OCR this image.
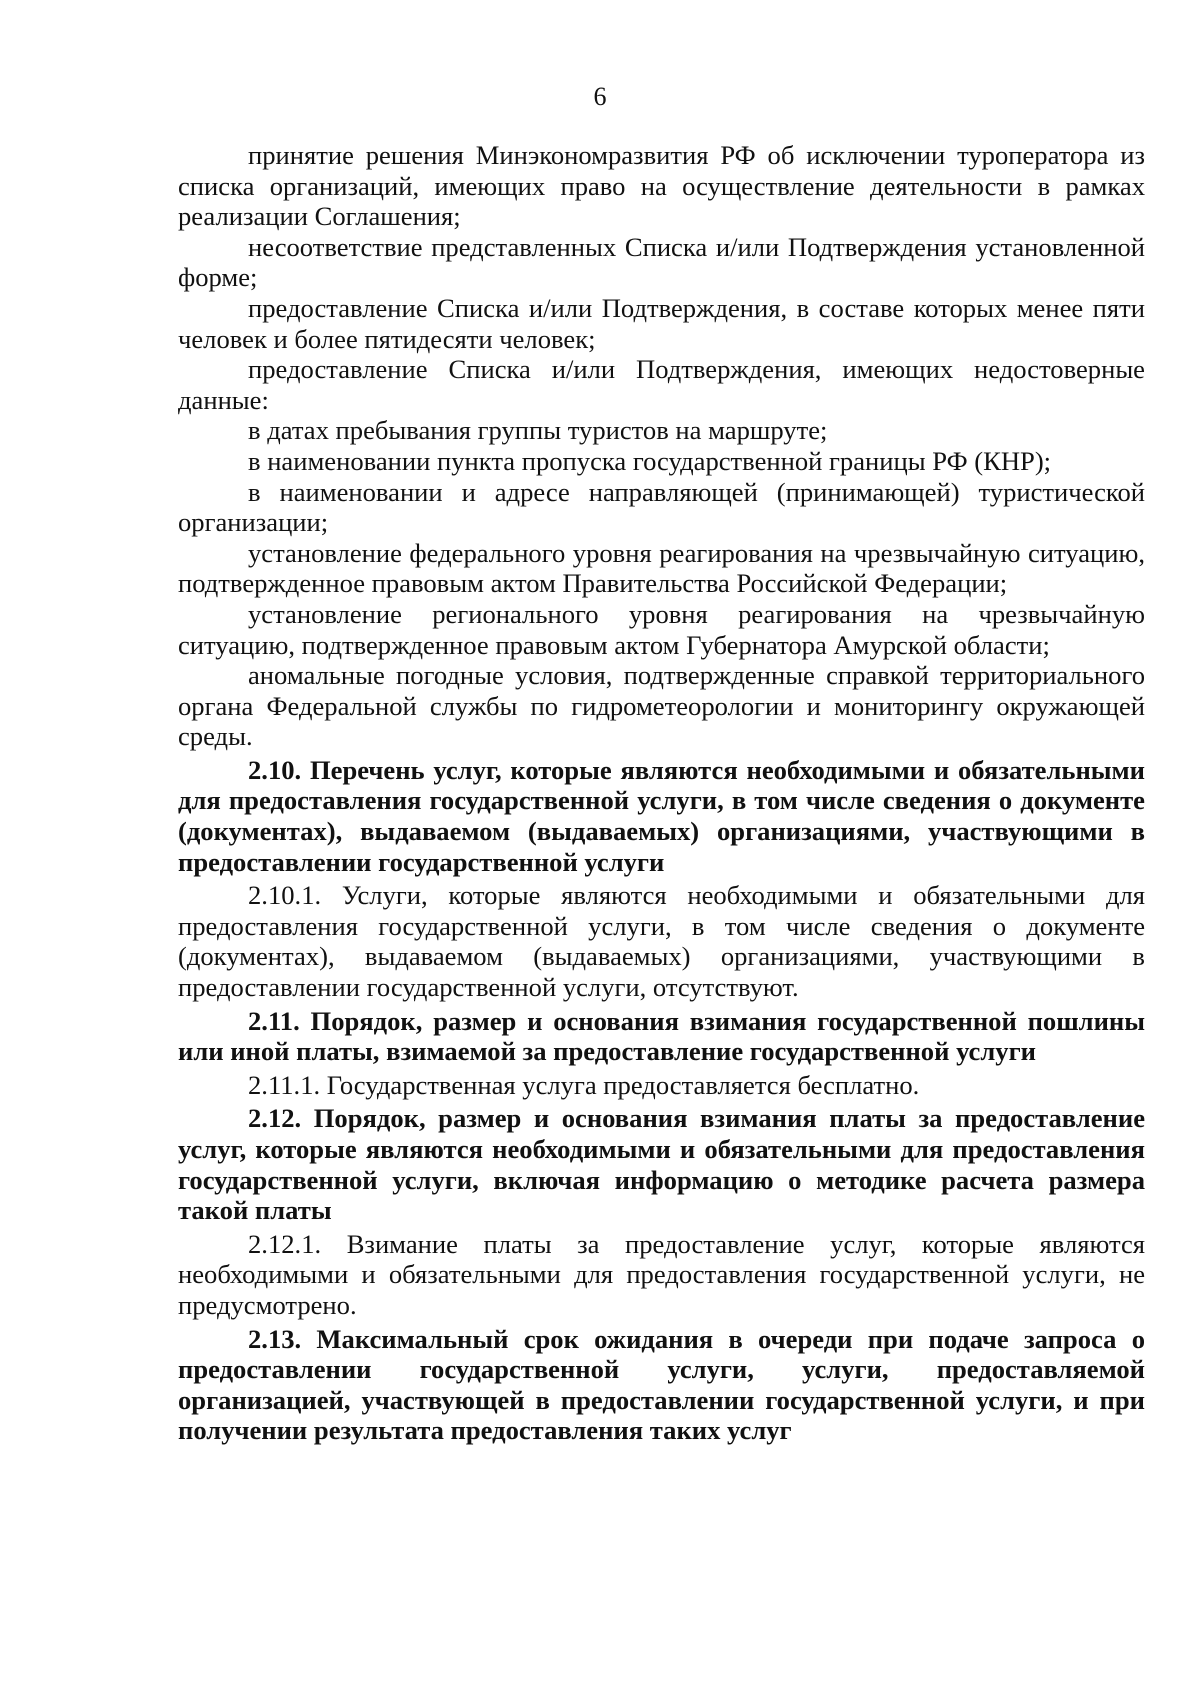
6

принятие решения Минэкономразвития РФ об исключении туроператора из списка организаций, имеющих право на осуществление деятельности в рамках реализации Соглашения;

несоответствие представленных Списка и/или Подтверждения установленной форме;

предоставление Списка и/или Подтверждения, в составе которых менее пяти человек и более пятидесяти человек;

предоставление Списка и/или Подтверждения, имеющих недостоверные данные:

в датах пребывания группы туристов на маршруте;

в наименовании пункта пропуска государственной границы РФ (КНР);

в наименовании и адресе направляющей (принимающей) туристической организации;

установление федерального уровня реагирования на чрезвычайную ситуацию, подтвержденное правовым актом Правительства Российской Федерации;

установление регионального уровня реагирования на чрезвычайную ситуацию, подтвержденное правовым актом Губернатора Амурской области;

аномальные погодные условия, подтвержденные справкой территориального органа Федеральной службы по гидрометеорологии и мониторингу окружающей среды.

2.10. Перечень услуг, которые являются необходимыми и обязательными для предоставления государственной услуги, в том числе сведения о документе (документах), выдаваемом (выдаваемых) организациями, участвующими в предоставлении государственной услуги

2.10.1. Услуги, которые являются необходимыми и обязательными для предоставления государственной услуги, в том числе сведения о документе (документах), выдаваемом (выдаваемых) организациями, участвующими в предоставлении государственной услуги, отсутствуют.

2.11. Порядок, размер и основания взимания государственной пошлины или иной платы, взимаемой за предоставление государственной услуги

2.11.1. Государственная услуга предоставляется бесплатно.

2.12. Порядок, размер и основания взимания платы за предоставление услуг, которые являются необходимыми и обязательными для предоставления государственной услуги, включая информацию о методике расчета размера такой платы

2.12.1. Взимание платы за предоставление услуг, которые являются необходимыми и обязательными для предоставления государственной услуги, не предусмотрено.

2.13. Максимальный срок ожидания в очереди при подаче запроса о предоставлении государственной услуги, услуги, предоставляемой организацией, участвующей в предоставлении государственной услуги, и при получении результата предоставления таких услуг
